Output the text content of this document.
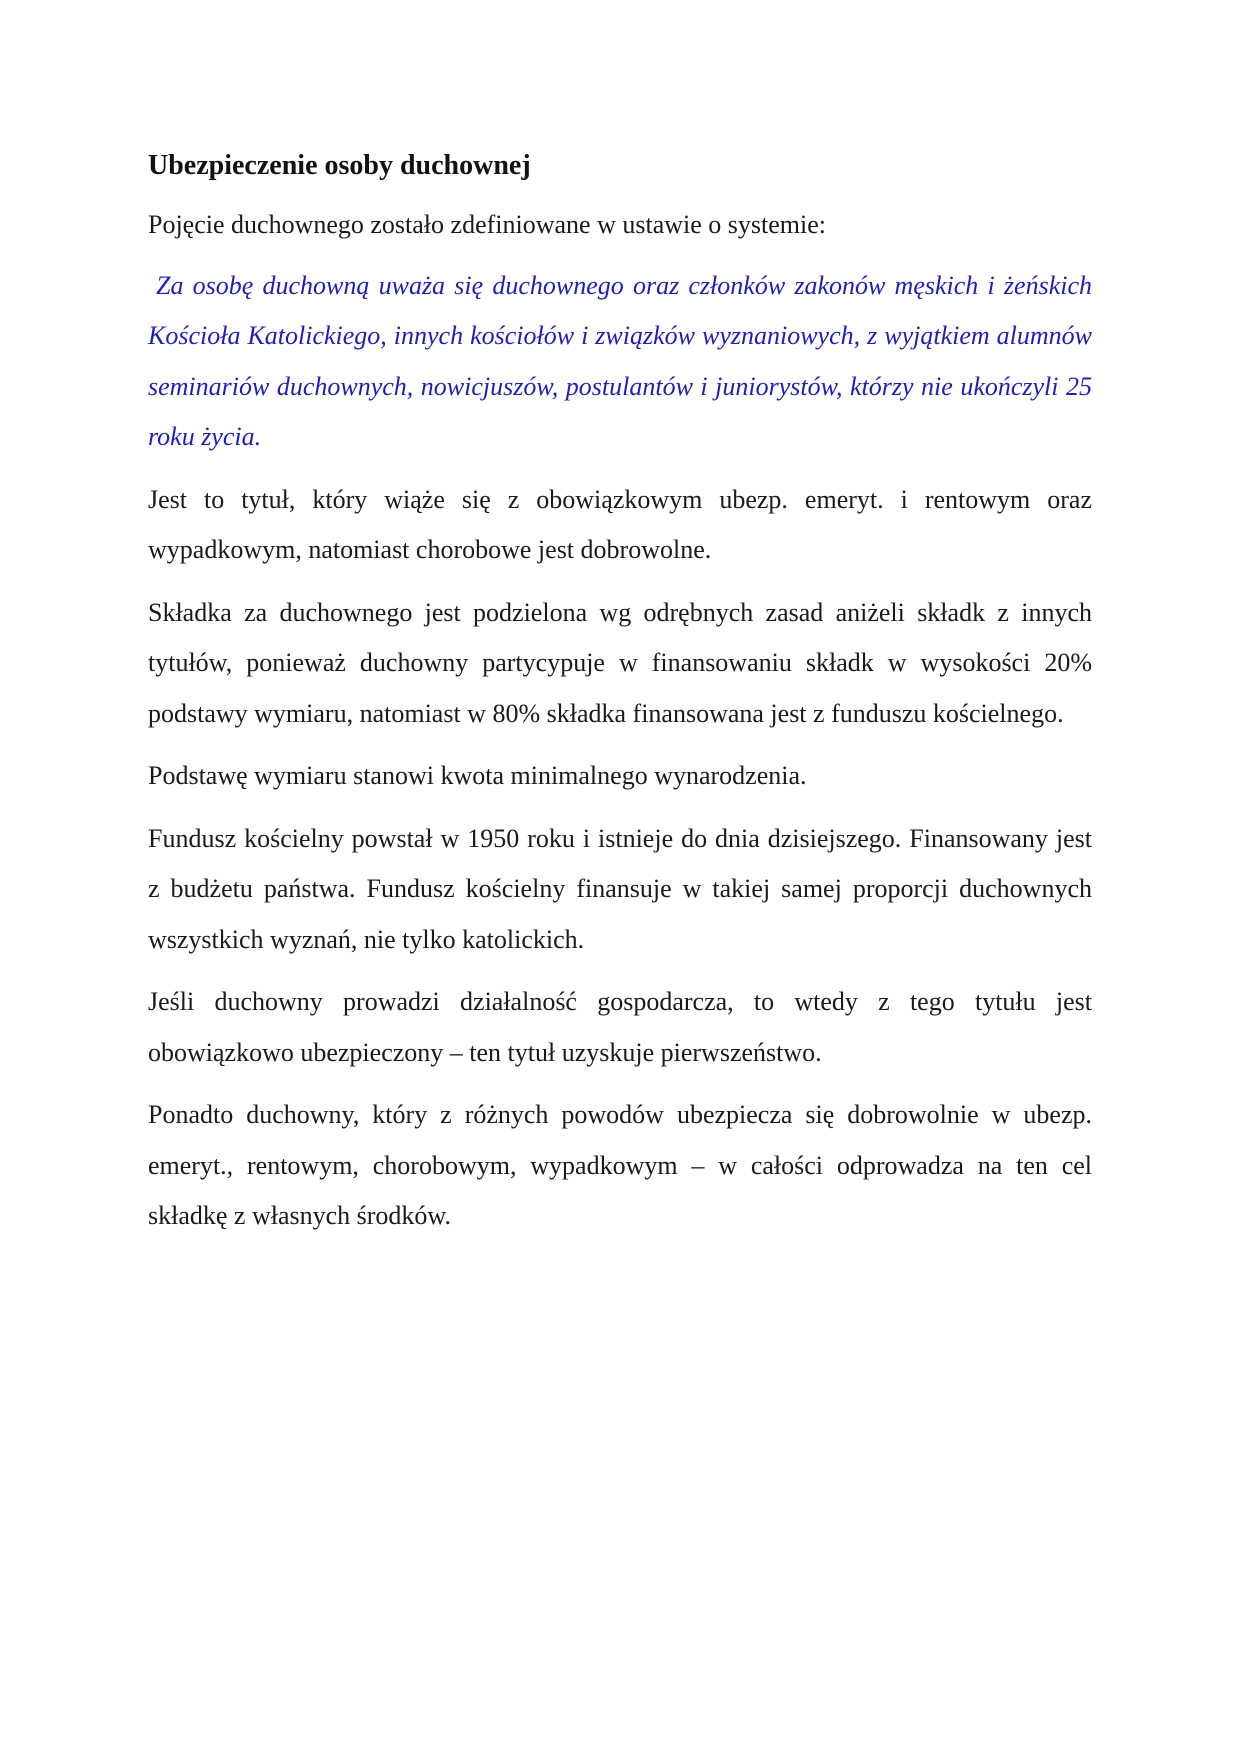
Ubezpieczenie osoby duchownej

Pojęcie duchownego zostało zdefiniowane w ustawie o systemie:

Za osobę duchowną uważa się duchownego oraz członków zakonów męskich i żeńskich Kościoła Katolickiego, innych kościołów i związków wyznaniowych, z wyjątkiem alumnów seminariów duchownych, nowicjuszów, postulantów i juniorystów, którzy nie ukończyli 25 roku życia.

Jest to tytuł, który wiąże się z obowiązkowym ubezp. emeryt. i rentowym oraz wypadkowym, natomiast chorobowe jest dobrowolne.

Składka za duchownego jest podzielona wg odrębnych zasad aniżeli składk z innych tytułów, ponieważ duchowny partycypuje w finansowaniu składk w wysokości 20% podstawy wymiaru, natomiast w 80% składka finansowana jest z funduszu kościelnego.

Podstawę wymiaru stanowi kwota minimalnego wynarodzenia.

Fundusz kościelny powstał w 1950 roku i istnieje do dnia dzisiejszego. Finansowany jest z budżetu państwa. Fundusz kościelny finansuje w takiej samej proporcji duchownych wszystkich wyznań, nie tylko katolickich.

Jeśli duchowny prowadzi działalność gospodarcza, to wtedy z tego tytułu jest obowiązkowo ubezpieczony – ten tytuł uzyskuje pierwszeństwo.

Ponadto duchowny, który z różnych powodów ubezpiecza się dobrowolnie w ubezp. emeryt., rentowym, chorobowym, wypadkowym – w całości odprowadza na ten cel składkę z własnych środków.
